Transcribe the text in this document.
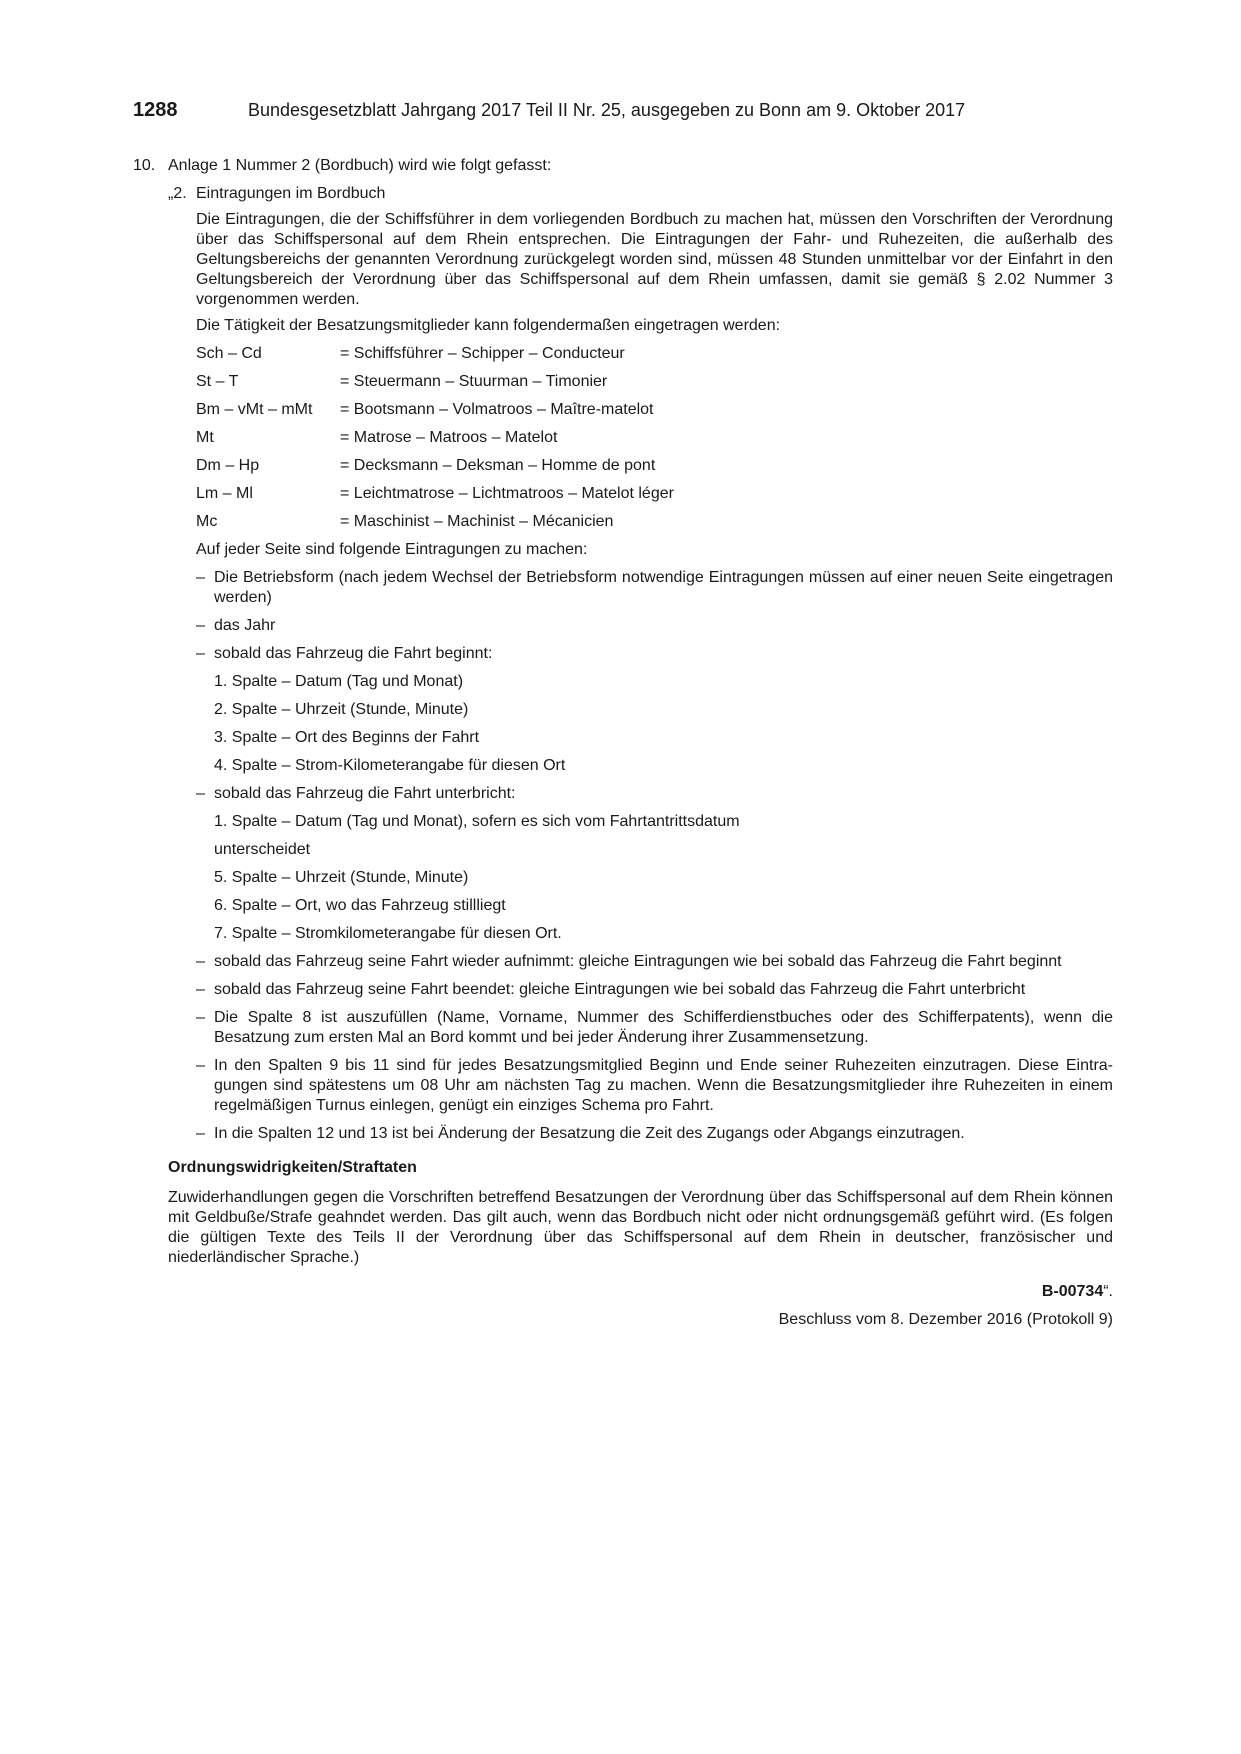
1288	Bundesgesetzblatt Jahrgang 2017 Teil II Nr. 25, ausgegeben zu Bonn am 9. Oktober 2017
10. Anlage 1 Nummer 2 (Bordbuch) wird wie folgt gefasst:
„2. Eintragungen im Bordbuch

Die Eintragungen, die der Schiffsführer in dem vorliegenden Bordbuch zu machen hat, müssen den Vorschriften der Verordnung über das Schiffspersonal auf dem Rhein entsprechen. Die Eintragungen der Fahr- und Ruhezeiten, die außerhalb des Geltungsbereichs der genannten Verordnung zurückgelegt worden sind, müssen 48 Stunden unmittelbar vor der Einfahrt in den Geltungsbereich der Verordnung über das Schiffspersonal auf dem Rhein umfassen, damit sie gemäß § 2.02 Nummer 3 vorgenommen werden.

Die Tätigkeit der Besatzungsmitglieder kann folgendermaßen eingetragen werden:

Sch – Cd	= Schiffsführer – Schipper – Conducteur
St – T	= Steuermann – Stuurman – Timonier
Bm – vMt – mMt = Bootsmann – Volmatroos – Maître-matelot
Mt	= Matrose – Matroos – Matelot
Dm – Hp	= Decksmann – Deksman – Homme de pont
Lm – Ml	= Leichtmatrose – Lichtmatroos – Matelot léger
Mc	= Maschinist – Machinist – Mécanicien

Auf jeder Seite sind folgende Eintragungen zu machen:

– Die Betriebsform (nach jedem Wechsel der Betriebsform notwendige Eintragungen müssen auf einer neuen Seite eingetragen werden)

– das Jahr

– sobald das Fahrzeug die Fahrt beginnt:

1. Spalte – Datum (Tag und Monat)
2. Spalte – Uhrzeit (Stunde, Minute)
3. Spalte – Ort des Beginns der Fahrt
4. Spalte – Strom-Kilometerangabe für diesen Ort
– sobald das Fahrzeug die Fahrt unterbricht:

1. Spalte – Datum (Tag und Monat), sofern es sich vom Fahrtantrittsdatum
unterscheidet
5. Spalte – Uhrzeit (Stunde, Minute)
6. Spalte – Ort, wo das Fahrzeug stillliegt
7. Spalte – Stromkilometerangabe für diesen Ort.
– sobald das Fahrzeug seine Fahrt wieder aufnimmt: gleiche Eintragungen wie bei sobald das Fahrzeug die Fahrt beginnt

– sobald das Fahrzeug seine Fahrt beendet: gleiche Eintragungen wie bei sobald das Fahrzeug die Fahrt unterbricht

– Die Spalte 8 ist auszufüllen (Name, Vorname, Nummer des Schifferdienstbuches oder des Schifferpatents), wenn die Besatzung zum ersten Mal an Bord kommt und bei jeder Änderung ihrer Zusammensetzung.

– In den Spalten 9 bis 11 sind für jedes Besatzungsmitglied Beginn und Ende seiner Ruhezeiten einzutragen. Diese Eintragungen sind spätestens um 08 Uhr am nächsten Tag zu machen. Wenn die Besatzungsmitglieder ihre Ruhezeiten in einem regelmäßigen Turnus einlegen, genügt ein einziges Schema pro Fahrt.

– In die Spalten 12 und 13 ist bei Änderung der Besatzung die Zeit des Zugangs oder Abgangs einzutragen.

Ordnungswidrigkeiten/Straftaten

Zuwiderhandlungen gegen die Vorschriften betreffend Besatzungen der Verordnung über das Schiffspersonal auf dem Rhein können mit Geldbuße/Strafe geahndet werden. Das gilt auch, wenn das Bordbuch nicht oder nicht ordnungsgemäß geführt wird. (Es folgen die gültigen Texte des Teils II der Verordnung über das Schiffspersonal auf dem Rhein in deutscher, französischer und niederländischer Sprache.)

B-00734“.

Beschluss vom 8. Dezember 2016 (Protokoll 9)
